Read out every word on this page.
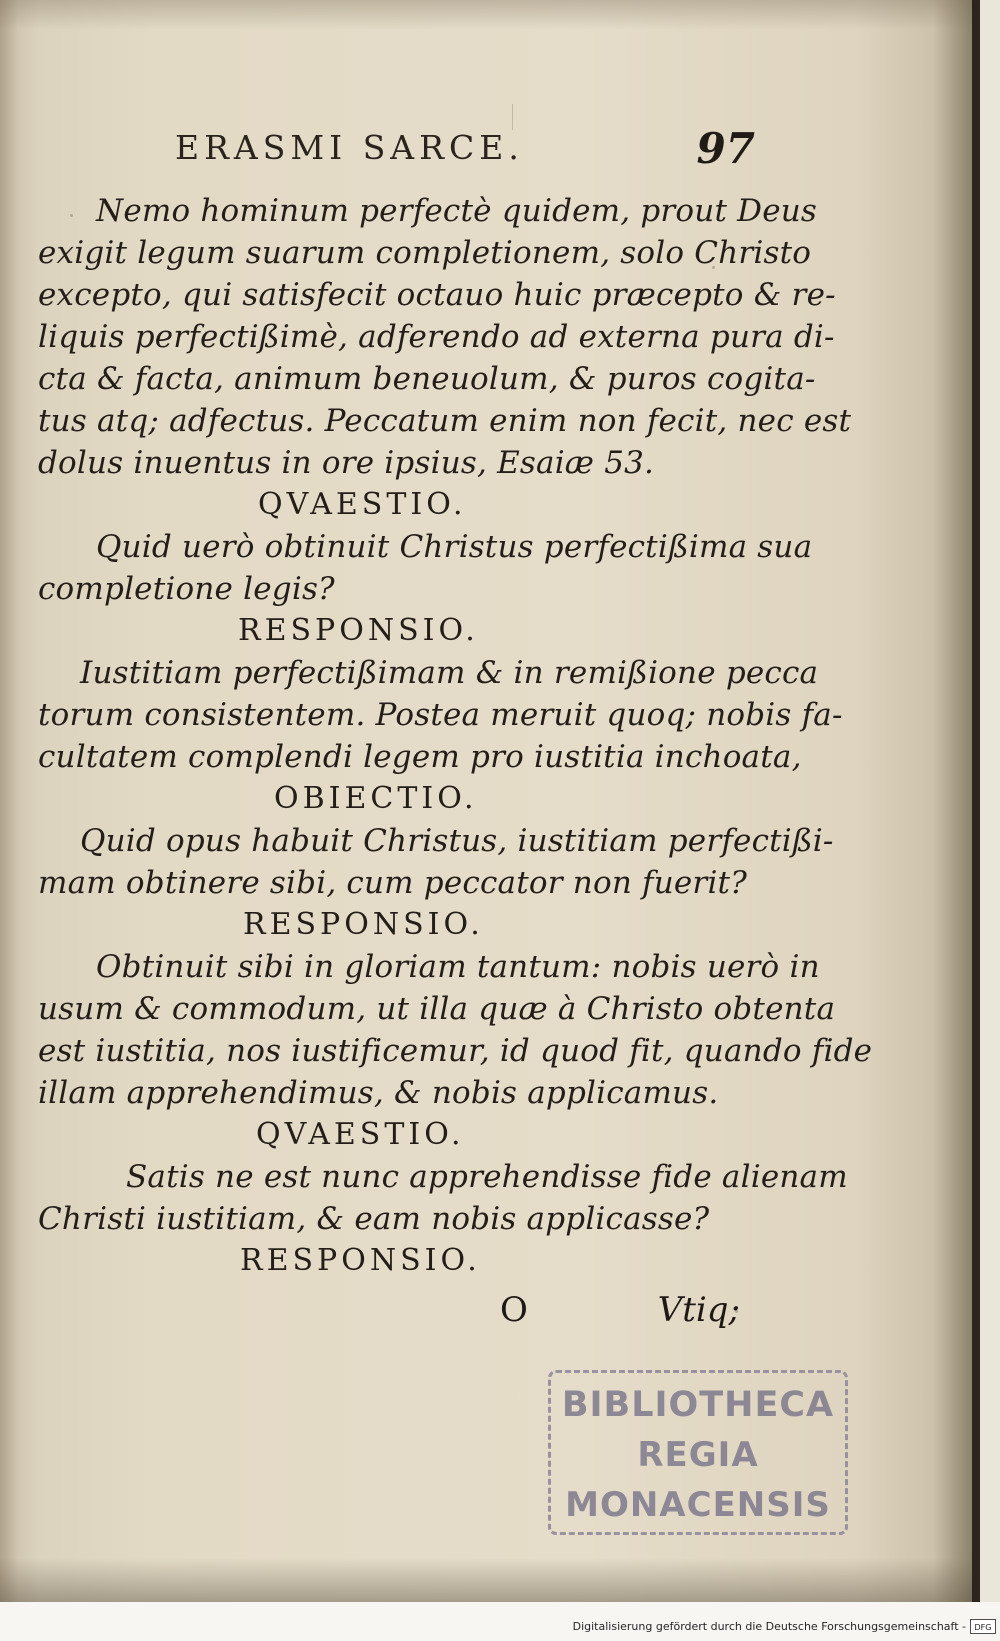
ERASMI SARCE.	97
Nemo hominum perfectè quidem, prout Deus
exigit legum suarum completionem, solo Christo
excepto, qui satisfecit octauo huic præcepto & re-
liquis perfectißimè, adferendo ad externa pura di-
cta & facta, animum beneuolum, & puros cogita-
tus atq; adfectus. Peccatum enim non fecit, nec est
dolus inuentus in ore ipsius, Esaiæ 53.
QVAESTIO.
Quid uerò obtinuit Christus perfectißima sua
completione legis?
RESPONSIO.
Iustitiam perfectißimam & in remißione pecca
torum consistentem. Postea meruit quoq; nobis fa-
cultatem complendi legem pro iustitia inchoata,
OBIECTIO.
Quid opus habuit Christus, iustitiam perfectißi-
mam obtinere sibi, cum peccator non fuerit?
RESPONSIO.
Obtinuit sibi in gloriam tantum: nobis uerò in
usum & commodum, ut illa quæ à Christo obtenta
est iustitia, nos iustificemur, id quod fit, quando fide
illam apprehendimus, & nobis applicamus.
QVAESTIO.
Satis ne est nunc apprehendisse fide alienam
Christi iustitiam, & eam nobis applicasse?
RESPONSIO.
O	Vtiq;
BIBLIOTHECA
REGIA
MONACENSIS
Digitalisierung gefördert durch die Deutsche Forschungsgemeinschaft -	DFG
